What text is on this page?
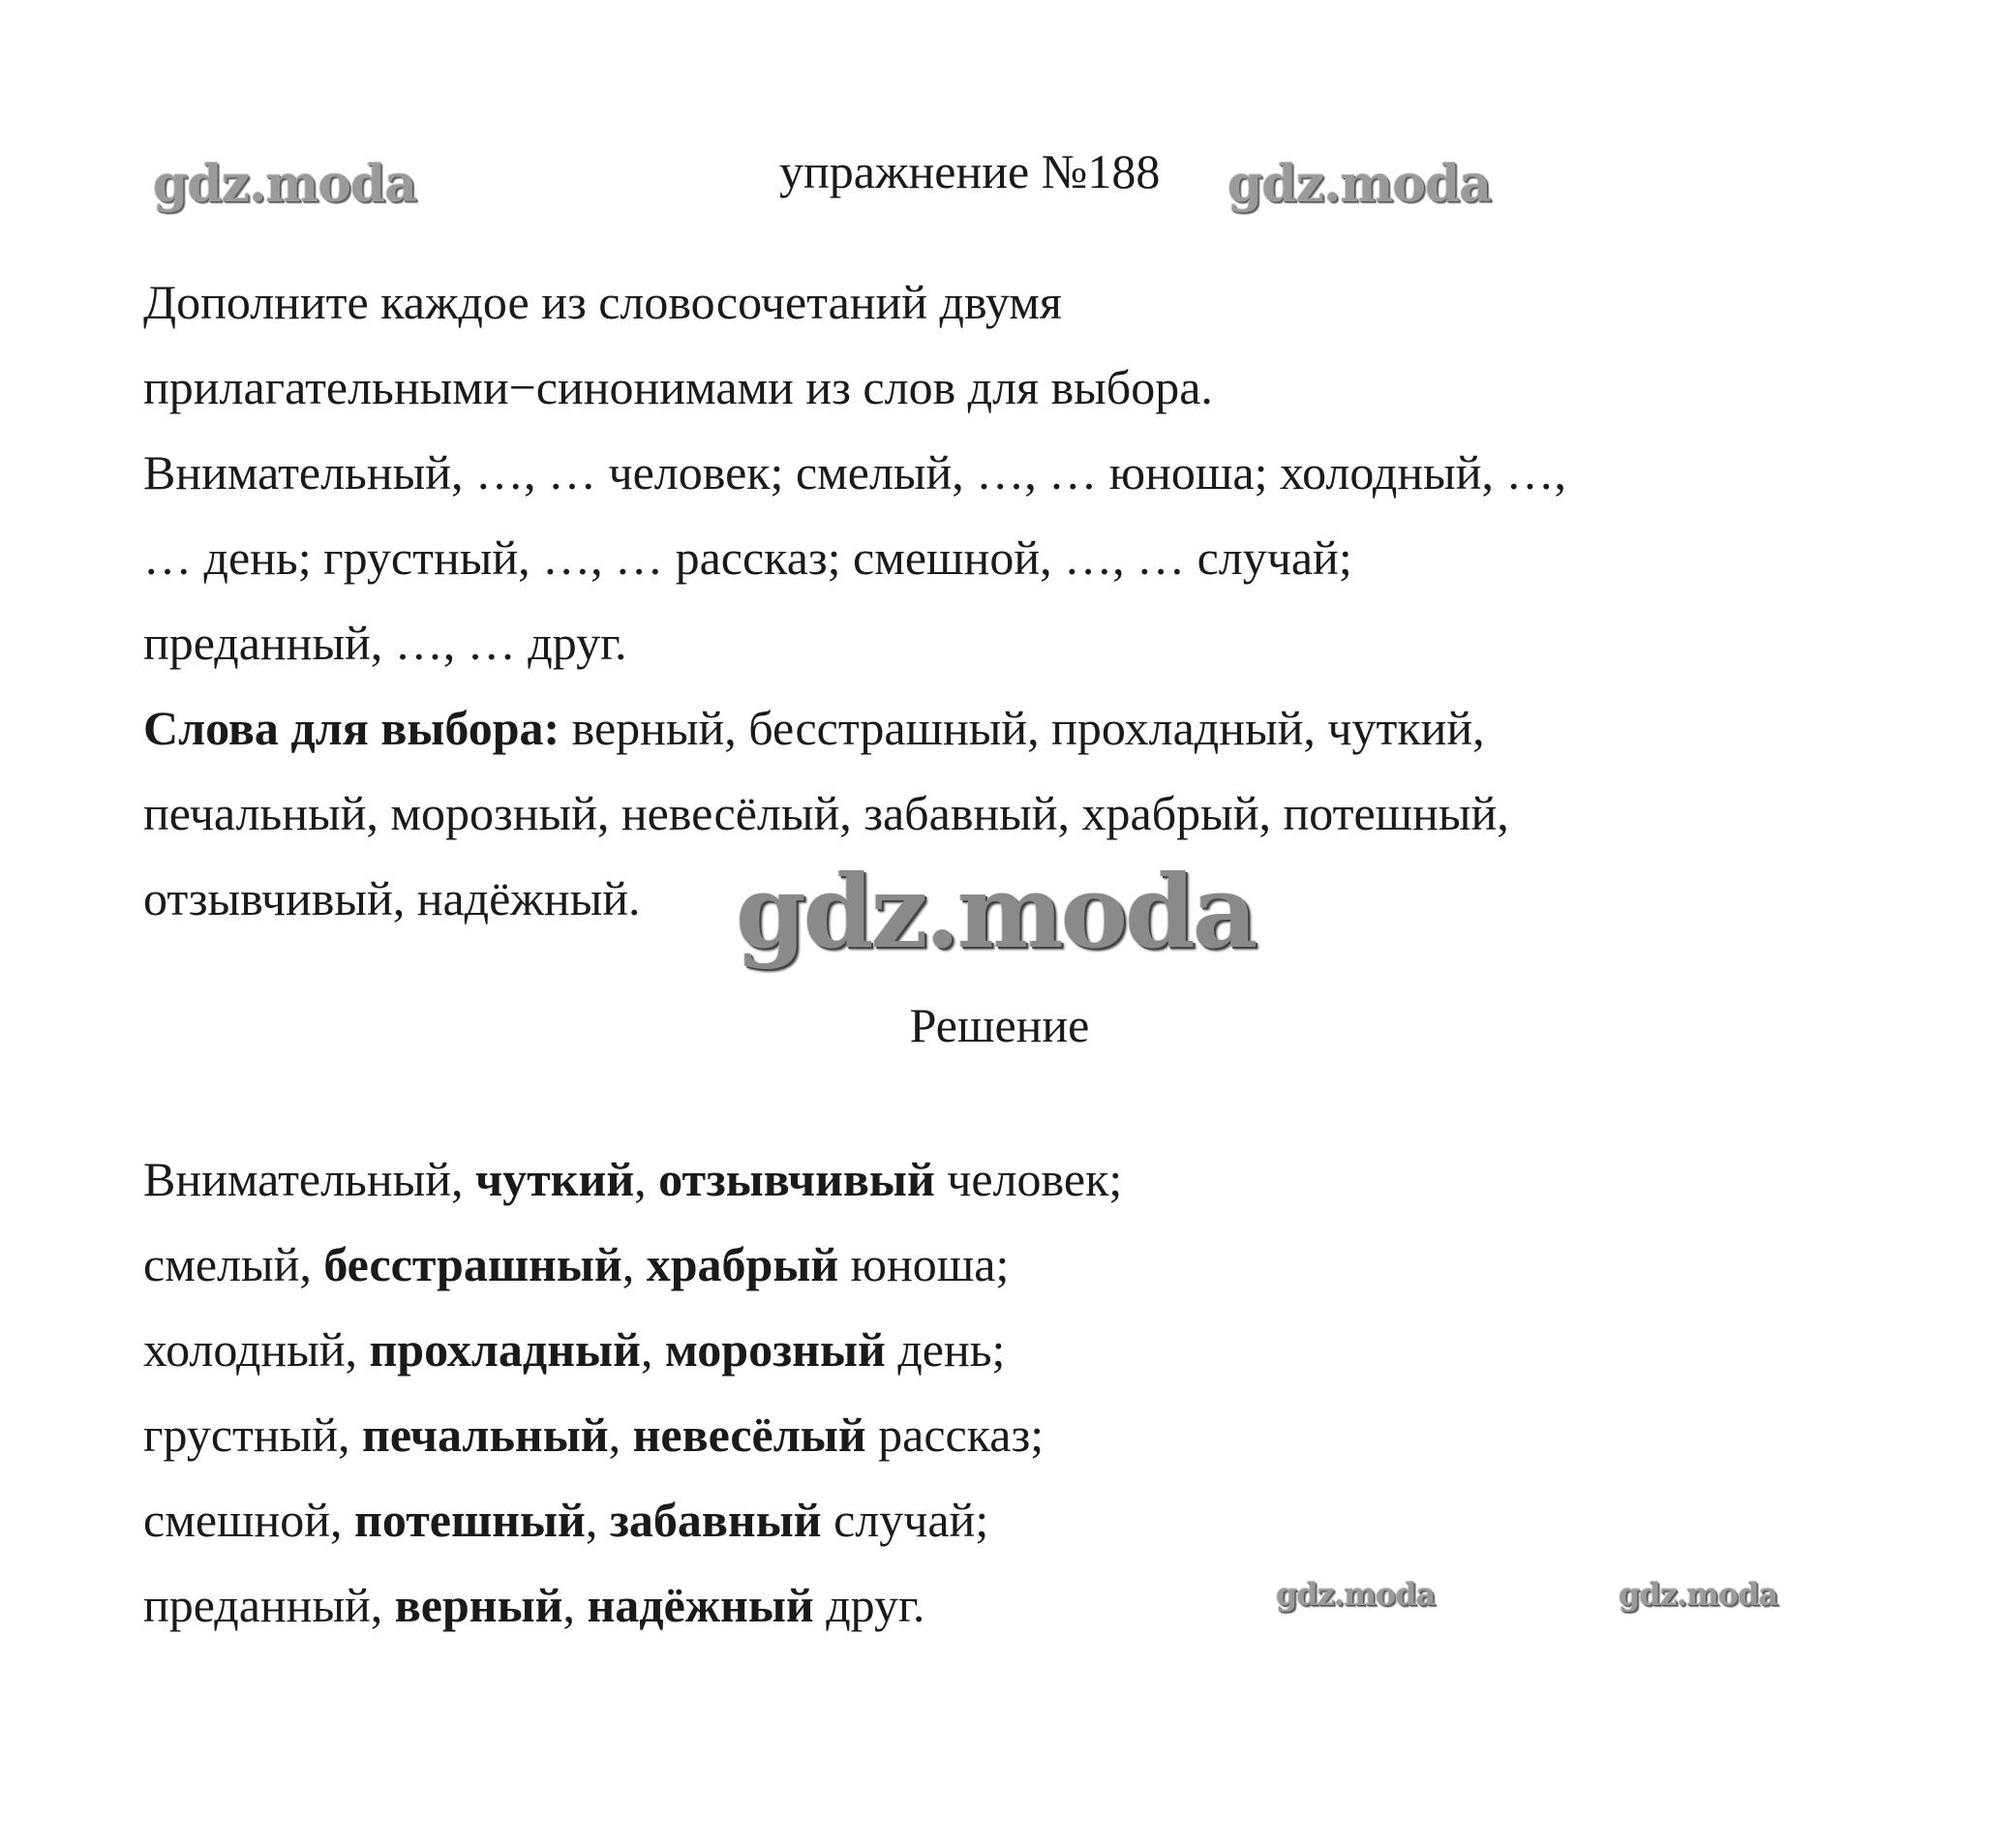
gdz.moda	упражнение №188 gdz.moda

Дополните каждое из словосочетаний двумя

прилагательными−синонимами из слов для выбора.

Внимательный, …, … человек; смелый, …, … юноша; холодный, …,

… день; грустный, …, … рассказ; смешной, …, … случай;

преданный, …, … друг.

Слова для выбора: верный, бесстрашный, прохладный, чуткий,

печальный, морозный, невесёлый, забавный, храбрый, потешный,

отзывчивый, надёжный. gdz.moda
Решение

Внимательный, чуткий, отзывчивый человек;

смелый, бесстрашный, храбрый юноша;

холодный, прохладный, морозный день;

грустный, печальный, невесёлый рассказ;

смешной, потешный, забавный случай;

преданный, верный, надёжный друг.	gdz.moda	gdz.moda
